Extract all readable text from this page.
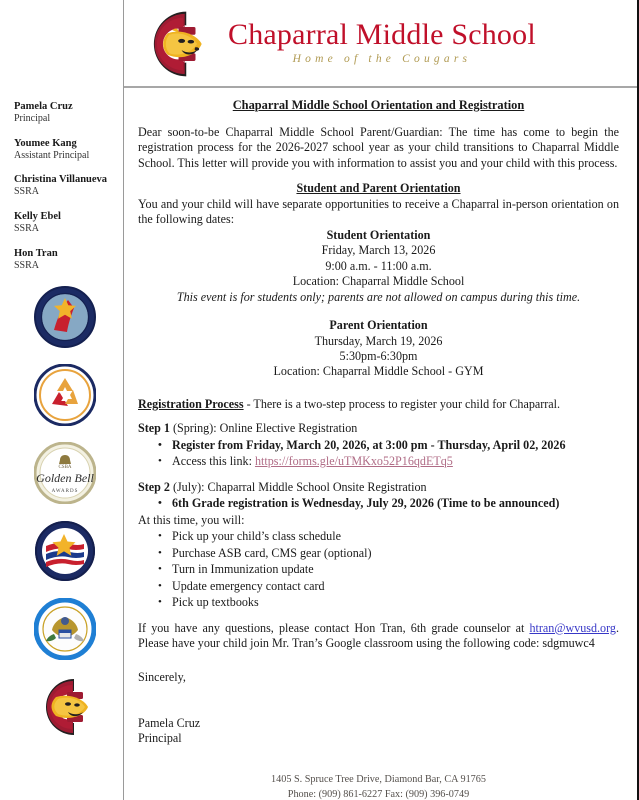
Chaparral Middle School
Home of the Cougars
Pamela Cruz
Principal
Youmee Kang
Assistant Principal
Christina Villanueva
SSRA
Kelly Ebel
SSRA
Hon Tran
SSRA
CSBA
Golden Bell
AWARDS
Chaparral Middle School Orientation and Registration

Dear soon-to-be Chaparral Middle School Parent/Guardian: The time has come to begin the registration process for the 2026-2027 school year as your child transitions to Chaparral Middle School. This letter will provide you with information to assist you and your child with this process.

Student and Parent Orientation

You and your child will have separate opportunities to receive a Chaparral in-person orientation on the following dates:

Student Orientation

Friday, March 13, 2026

9:00 a.m. - 11:00 a.m.

Location: Chaparral Middle School

This event is for students only; parents are not allowed on campus during this time.

Parent Orientation

Thursday, March 19, 2026

5:30pm-6:30pm

Location: Chaparral Middle School - GYM

Registration Process - There is a two-step process to register your child for Chaparral.

Step 1 (Spring): Online Elective Registration

• Register from Friday, March 20, 2026, at 3:00 pm - Thursday, April 02, 2026
• Access this link: https://forms.gle/uTMKxo52P16qdETq5

Step 2 (July): Chaparral Middle School Onsite Registration

• 6th Grade registration is Wednesday, July 29, 2026 (Time to be announced)

At this time, you will:

• Pick up your child’s class schedule
• Purchase ASB card, CMS gear (optional)
• Turn in Immunization update
• Update emergency contact card
• Pick up textbooks

If you have any questions, please contact Hon Tran, 6th grade counselor at htran@wvusd.org. Please have your child join Mr. Tran’s Google classroom using the following code: sdgmuwc4

Sincerely,

Pamela Cruz

Principal

1405 S. Spruce Tree Drive, Diamond Bar, CA 91765
Phone: (909) 861-6227 Fax: (909) 396-0749
